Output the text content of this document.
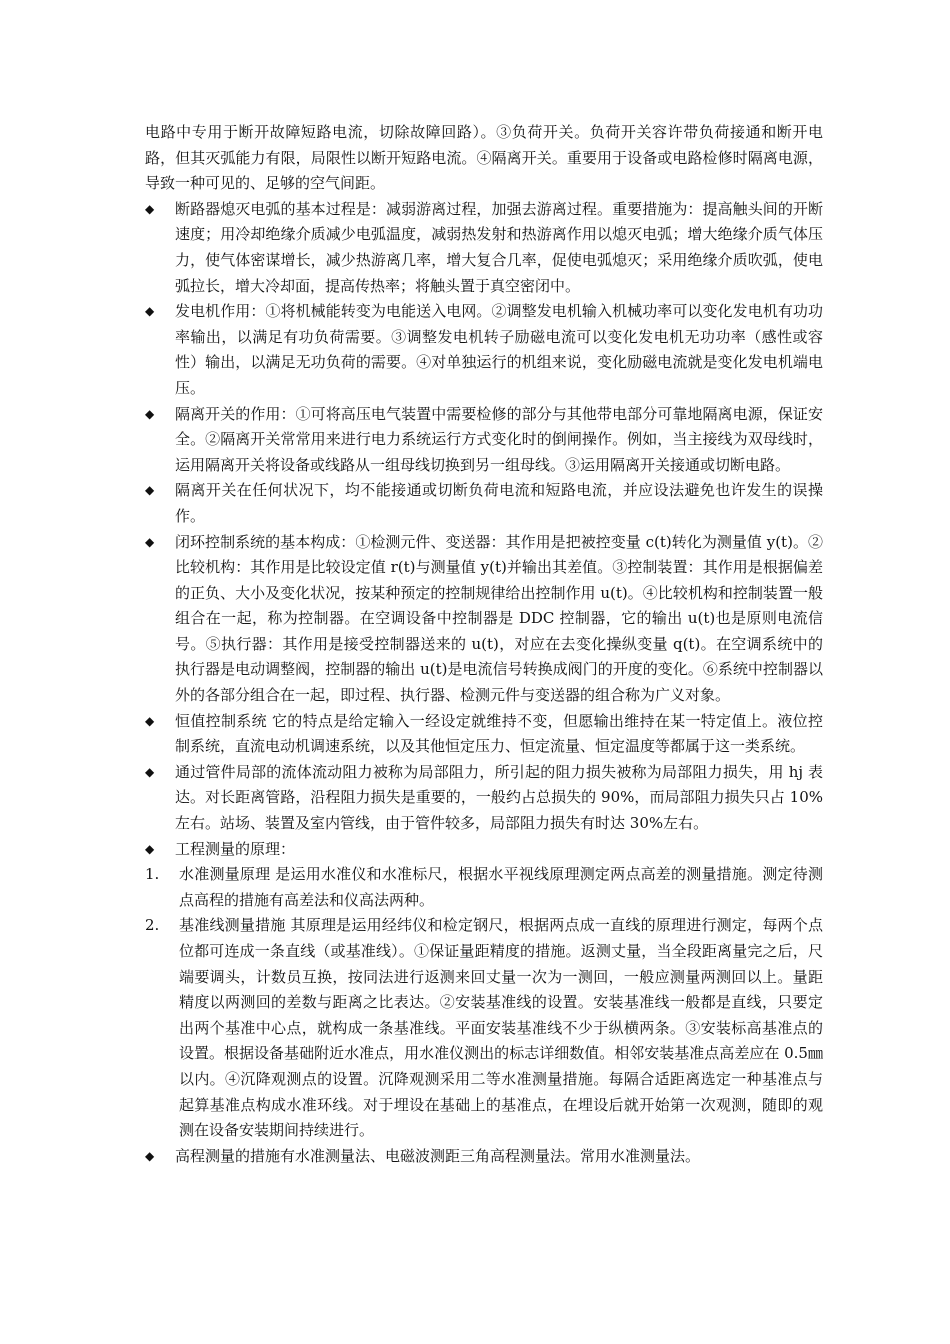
电路中专用于断开故障短路电流，切除故障回路）。③负荷开关。负荷开关容许带负荷接通和断开电路，但其灭弧能力有限，局限性以断开短路电流。④隔离开关。重要用于设备或电路检修时隔离电源，导致一种可见的、足够的空气间距。

◆	断路器熄灭电弧的基本过程是：减弱游离过程，加强去游离过程。重要措施为：提高触头间的开断速度；用冷却绝缘介质减少电弧温度，减弱热发射和热游离作用以熄灭电弧；增大绝缘介质气体压力，使气体密谋增长，减少热游离几率，增大复合几率，促使电弧熄灭；采用绝缘介质吹弧，使电弧拉长，增大冷却面，提高传热率；将触头置于真空密闭中。
◆	发电机作用：①将机械能转变为电能送入电网。②调整发电机输入机械功率可以变化发电机有功功率输出，以满足有功负荷需要。③调整发电机转子励磁电流可以变化发电机无功功率（感性或容性）输出，以满足无功负荷的需要。④对单独运行的机组来说，变化励磁电流就是变化发电机端电压。
◆	隔离开关的作用：①可将高压电气装置中需要检修的部分与其他带电部分可靠地隔离电源，保证安全。②隔离开关常常用来进行电力系统运行方式变化时的倒闸操作。例如，当主接线为双母线时，运用隔离开关将设备或线路从一组母线切换到另一组母线。③运用隔离开关接通或切断电路。
◆	隔离开关在任何状况下，均不能接通或切断负荷电流和短路电流，并应设法避免也许发生的误操作。
◆	闭环控制系统的基本构成：①检测元件、变送器：其作用是把被控变量 c(t)转化为测量值 y(t)。②比较机构：其作用是比较设定值 r(t)与测量值 y(t)并输出其差值。③控制装置：其作用是根据偏差的正负、大小及变化状况，按某种预定的控制规律给出控制作用 u(t)。④比较机构和控制装置一般组合在一起，称为控制器。在空调设备中控制器是 DDC 控制器，它的输出 u(t)也是原则电流信号。⑤执行器：其作用是接受控制器送来的 u(t)，对应在去变化操纵变量 q(t)。在空调系统中的执行器是电动调整阀，控制器的输出 u(t)是电流信号转换成阀门的开度的变化。⑥系统中控制器以外的各部分组合在一起，即过程、执行器、检测元件与变送器的组合称为广义对象。
◆	恒值控制系统 它的特点是给定输入一经设定就维持不变，但愿输出维持在某一特定值上。液位控制系统，直流电动机调速系统，以及其他恒定压力、恒定流量、恒定温度等都属于这一类系统。
◆	通过管件局部的流体流动阻力被称为局部阻力，所引起的阻力损失被称为局部阻力损失，用 hj 表达。对长距离管路，沿程阻力损失是重要的，一般约占总损失的 90%，而局部阻力损失只占 10%左右。站场、装置及室内管线，由于管件较多，局部阻力损失有时达 30%左右。
◆	工程测量的原理：
1.	水准测量原理 是运用水准仪和水准标尺，根据水平视线原理测定两点高差的测量措施。测定待测点高程的措施有高差法和仪高法两种。
2.	基准线测量措施 其原理是运用经纬仪和检定钢尺，根据两点成一直线的原理进行测定，每两个点位都可连成一条直线（或基准线）。①保证量距精度的措施。返测丈量，当全段距离量完之后，尺端要调头，计数员互换，按同法进行返测来回丈量一次为一测回，一般应测量两测回以上。量距精度以两测回的差数与距离之比表达。②安装基准线的设置。安装基准线一般都是直线，只要定出两个基准中心点，就构成一条基准线。平面安装基准线不少于纵横两条。③安装标高基准点的设置。根据设备基础附近水准点，用水准仪测出的标志详细数值。相邻安装基准点高差应在 0.5㎜以内。④沉降观测点的设置。沉降观测采用二等水准测量措施。每隔合适距离选定一种基准点与起算基准点构成水准环线。对于埋设在基础上的基准点，在埋设后就开始第一次观测，随即的观测在设备安装期间持续进行。
◆	高程测量的措施有水准测量法、电磁波测距三角高程测量法。常用水准测量法。
